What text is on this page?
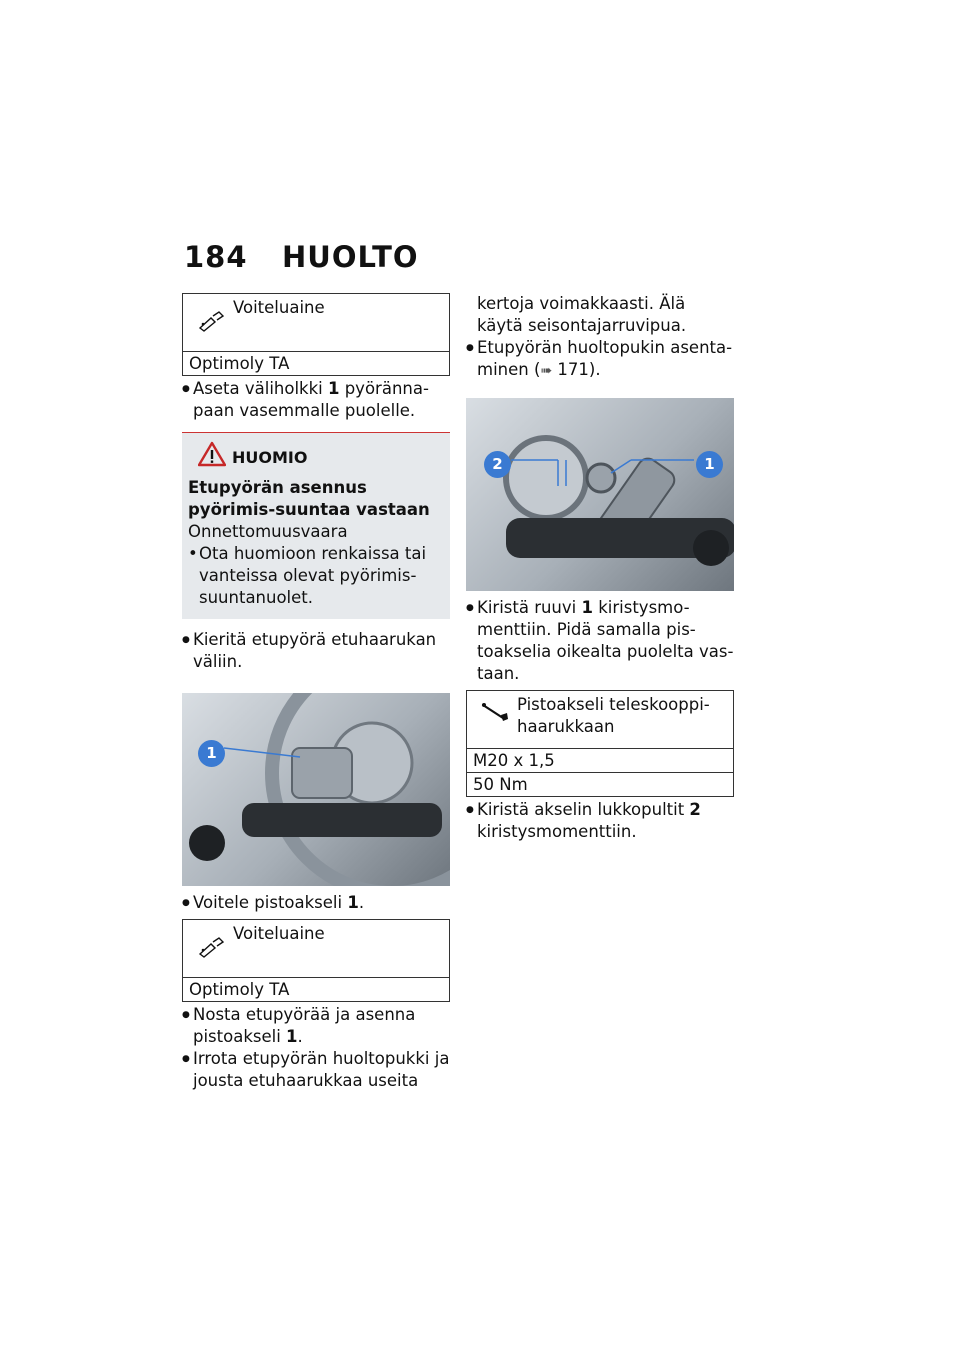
184 HUOLTO
Voiteluaine
Optimoly TA
● Aseta väliholkki 1 pyöränna-paan vasemmalle puolelle.
HUOMIO
Etupyörän asennus pyörimis-suuntaa vastaan
Onnettomuusvaara
• Ota huomioon renkaissa tai vanteissa olevat pyörimis-suuntanuolet.
● Kieritä etupyörä etuhaarukan väliin.
1
● Voitele pistoakseli 1.
Voiteluaine
Optimoly TA
● Nosta etupyörää ja asenna pistoakseli 1.
● Irrota etupyörän huoltopukki ja jousta etuhaarukkaa useita
kertoja voimakkaasti. Älä käytä seisontajarruvipua.
● Etupyörän huoltopukin asenta-minen (➠ 171).
2	1
● Kiristä ruuvi 1 kiristysmo-menttiin. Pidä samalla pis-toakselia oikealta puolelta vas-taan.
Pistoakseli teleskooppi-haarukkaan
M20 x 1,5
50 Nm
● Kiristä akselin lukkopultit 2 kiristysmomenttiin.
